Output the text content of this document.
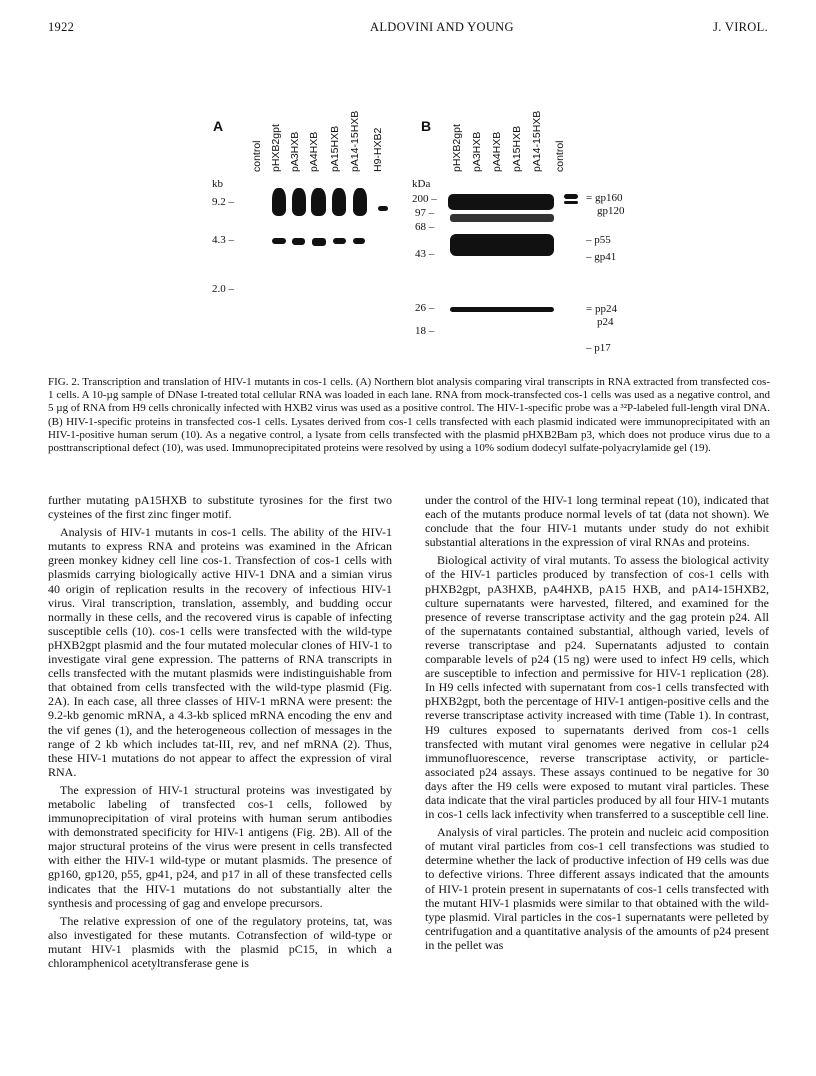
1922	ALDOVINI AND YOUNG	J. VIROL.
A
control pHXB2gpt pA3HXB pA4HXB pA15HXB pA14-15HXB H9-HXB2
kb
9.2 –
4.3 –
2.0 –
B pHXB2gpt pA3HXB pA4HXB pA15HXB pA14-15HXB control
kDa
200 –
97 –
68 –
43 –
26 –
18 –
= gp160
gp120
– p55
– gp41
= pp24
p24
– p17
FIG. 2. Transcription and translation of HIV-1 mutants in cos-1 cells. (A) Northern blot analysis comparing viral transcripts in RNA extracted from transfected cos-1 cells. A 10-µg sample of DNase I-treated total cellular RNA was loaded in each lane. RNA from mock-transfected cos-1 cells was used as a negative control, and 5 µg of RNA from H9 cells chronically infected with HXB2 virus was used as a positive control. The HIV-1-specific probe was a ³²P-labeled full-length viral DNA. (B) HIV-1-specific proteins in transfected cos-1 cells. Lysates derived from cos-1 cells transfected with each plasmid indicated were immunoprecipitated with an HIV-1-positive human serum (10). As a negative control, a lysate from cells transfected with the plasmid pHXB2Bam p3, which does not produce virus due to a posttranscriptional defect (10), was used. Immunoprecipitated proteins were resolved by using a 10% sodium dodecyl sulfate-polyacrylamide gel (19).

further mutating pA15HXB to substitute tyrosines for the first two cysteines of the first zinc finger motif.

Analysis of HIV-1 mutants in cos-1 cells. The ability of the HIV-1 mutants to express RNA and proteins was examined in the African green monkey kidney cell line cos-1. Transfection of cos-1 cells with plasmids carrying biologically active HIV-1 DNA and a simian virus 40 origin of replication results in the recovery of infectious HIV-1 virus. Viral transcription, translation, assembly, and budding occur normally in these cells, and the recovered virus is capable of infecting susceptible cells (10). cos-1 cells were transfected with the wild-type pHXB2gpt plasmid and the four mutated molecular clones of HIV-1 to investigate viral gene expression. The patterns of RNA transcripts in cells transfected with the mutant plasmids were indistinguishable from that obtained from cells transfected with the wild-type plasmid (Fig. 2A). In each case, all three classes of HIV-1 mRNA were present: the 9.2-kb genomic mRNA, a 4.3-kb spliced mRNA encoding the env and the vif genes (1), and the heterogeneous collection of messages in the range of 2 kb which includes tat-III, rev, and nef mRNA (2). Thus, these HIV-1 mutations do not appear to affect the expression of viral RNA.

The expression of HIV-1 structural proteins was investigated by metabolic labeling of transfected cos-1 cells, followed by immunoprecipitation of viral proteins with human serum antibodies with demonstrated specificity for HIV-1 antigens (Fig. 2B). All of the major structural proteins of the virus were present in cells transfected with either the HIV-1 wild-type or mutant plasmids. The presence of gp160, gp120, p55, gp41, p24, and p17 in all of these transfected cells indicates that the HIV-1 mutations do not substantially alter the synthesis and processing of gag and envelope precursors.

The relative expression of one of the regulatory proteins, tat, was also investigated for these mutants. Cotransfection of wild-type or mutant HIV-1 plasmids with the plasmid pC15, in which a chloramphenicol acetyltransferase gene is

under the control of the HIV-1 long terminal repeat (10), indicated that each of the mutants produce normal levels of tat (data not shown). We conclude that the four HIV-1 mutants under study do not exhibit substantial alterations in the expression of viral RNAs and proteins.

Biological activity of viral mutants. To assess the biological activity of the HIV-1 particles produced by transfection of cos-1 cells with pHXB2gpt, pA3HXB, pA4HXB, pA15 HXB, and pA14-15HXB2, culture supernatants were harvested, filtered, and examined for the presence of reverse transcriptase activity and the gag protein p24. All of the supernatants contained substantial, although varied, levels of reverse transcriptase and p24. Supernatants adjusted to contain comparable levels of p24 (15 ng) were used to infect H9 cells, which are susceptible to infection and permissive for HIV-1 replication (28). In H9 cells infected with supernatant from cos-1 cells transfected with pHXB2gpt, both the percentage of HIV-1 antigen-positive cells and the reverse transcriptase activity increased with time (Table 1). In contrast, H9 cultures exposed to supernatants derived from cos-1 cells transfected with mutant viral genomes were negative in cellular p24 immunofluorescence, reverse transcriptase activity, or particle-associated p24 assays. These assays continued to be negative for 30 days after the H9 cells were exposed to mutant viral particles. These data indicate that the viral particles produced by all four HIV-1 mutants in cos-1 cells lack infectivity when transferred to a susceptible cell line.

Analysis of viral particles. The protein and nucleic acid composition of mutant viral particles from cos-1 cell transfections was studied to determine whether the lack of productive infection of H9 cells was due to defective virions. Three different assays indicated that the amounts of HIV-1 protein present in supernatants of cos-1 cells transfected with the mutant HIV-1 plasmids were similar to that obtained with the wild-type plasmid. Viral particles in the cos-1 supernatants were pelleted by centrifugation and a quantitative analysis of the amounts of p24 present in the pellet was
